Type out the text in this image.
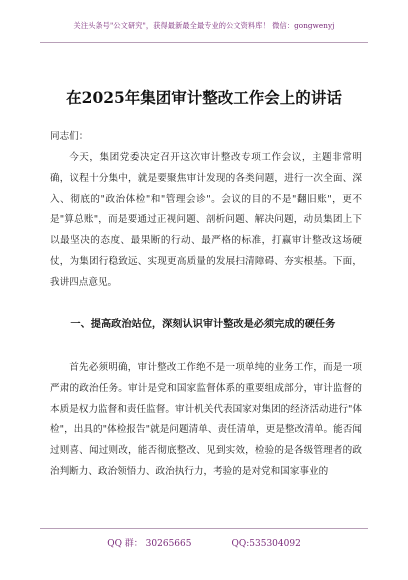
关注头条号"公文研究"，获得最新最全最专业的公文资料库！ 微信：gongwenyj
在2025年集团审计整改工作会上的讲话
同志们：

今天，集团党委决定召开这次审计整改专项工作会议，主题非常明确，议程十分集中，就是要聚焦审计发现的各类问题，进行一次全面、深入、彻底的"政治体检"和"管理会诊"。会议的目的不是"翻旧账"，更不是"算总账"，而是要通过正视问题、剖析问题、解决问题，动员集团上下以最坚决的态度、最果断的行动、最严格的标准，打赢审计整改这场硬仗，为集团行稳致远、实现更高质量的发展扫清障碍、夯实根基。下面，我讲四点意见。

一、提高政治站位，深刻认识审计整改是必须完成的硬任务

首先必须明确，审计整改工作绝不是一项单纯的业务工作，而是一项严肃的政治任务。审计是党和国家监督体系的重要组成部分，审计监督的本质是权力监督和责任监督。审计机关代表国家对集团的经济活动进行"体检"，出具的"体检报告"就是问题清单、责任清单，更是整改清单。能否闻过则喜、闻过则改，能否彻底整改、见到实效，检验的是各级管理者的政治判断力、政治领悟力、政治执行力，考验的是对党和国家事业的

QQ 群： 30265665	QQ:535304092
